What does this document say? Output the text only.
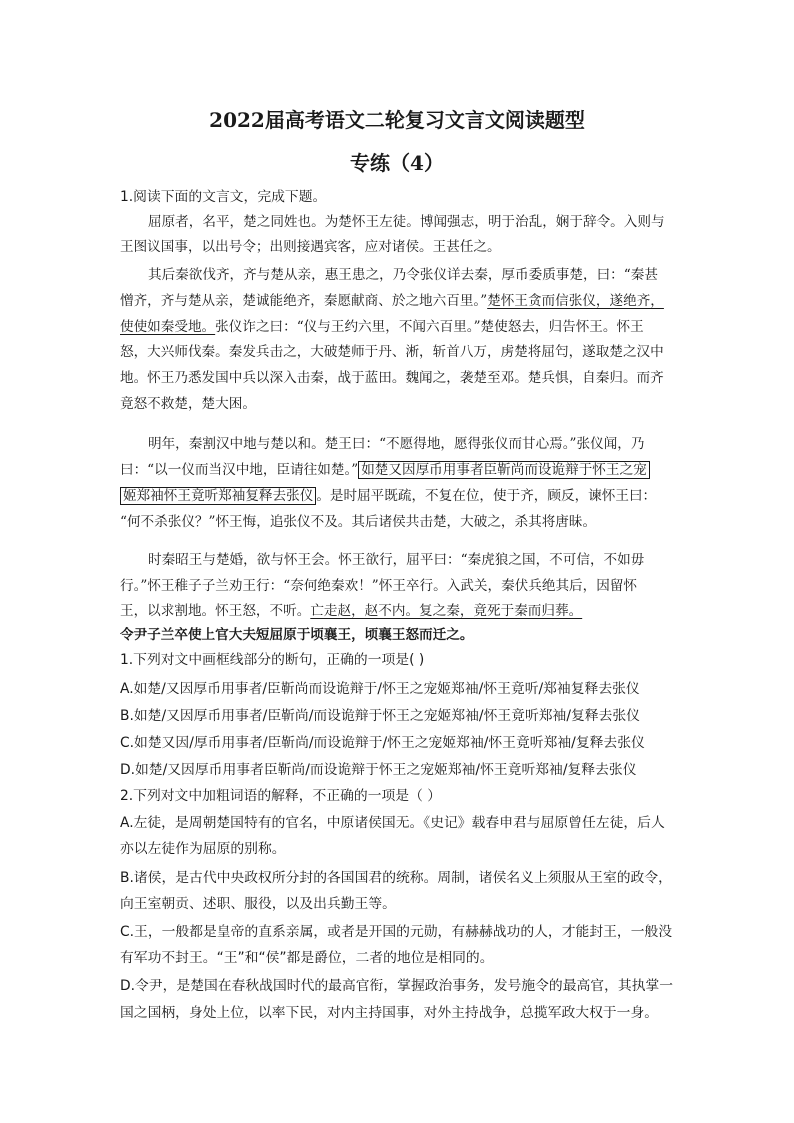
2022届高考语文二轮复习文言文阅读题型
专练（4）
1.阅读下面的文言文，完成下题。
屈原者，名平，楚之同姓也。为楚怀王左徒。博闻强志，明于治乱，娴于辞令。入则与
王图议国事，以出号令；出则接遇宾客，应对诸侯。王甚任之。
其后秦欲伐齐，齐与楚从亲，惠王患之，乃令张仪详去秦，厚币委质事楚，曰：“秦甚
憎齐，齐与楚从亲，楚诚能绝齐，秦愿献商、於之地六百里。”楚怀王贪而信张仪，遂绝齐，
使使如秦受地。张仪诈之曰：“仪与王约六里，不闻六百里。”楚使怒去，归告怀王。怀王
怒，大兴师伐秦。秦发兵击之，大破楚师于丹、淅，斩首八万，虏楚将屈匄，遂取楚之汉中
地。怀王乃悉发国中兵以深入击秦，战于蓝田。魏闻之，袭楚至邓。楚兵惧，自秦归。而齐
竟怒不救楚，楚大困。
明年，秦割汉中地与楚以和。楚王曰：“不愿得地，愿得张仪而甘心焉。”张仪闻，乃
曰：“以一仪而当汉中地，臣请往如楚。” 如楚又因厚币用事者臣靳尚而设诡辩于怀王之宠
姬郑袖怀王竟听郑袖复释去张仪 。是时屈平既疏，不复在位，使于齐，顾反，谏怀王曰：
“何不杀张仪？”怀王悔，追张仪不及。其后诸侯共击楚，大破之，杀其将唐昧。
时秦昭王与楚婚，欲与怀王会。怀王欲行，屈平曰：“秦虎狼之国，不可信，不如毋
行。”怀王稚子子兰劝王行：“奈何绝秦欢！”怀王卒行。入武关，秦伏兵绝其后，因留怀
王，以求割地。怀王怒，不听。亡走赵，赵不内。复之秦，竟死于秦而归葬。
令尹子兰卒使上官大夫短屈原于顷襄王，顷襄王怒而迁之。
1.下列对文中画框线部分的断句，正确的一项是( )
A.如楚/又因厚币用事者/臣靳尚而设诡辩于/怀王之宠姬郑袖/怀王竟听/郑袖复释去张仪
B.如楚/又因厚币用事者/臣靳尚/而设诡辩于怀王之宠姬郑袖/怀王竟听郑袖/复释去张仪
C.如楚又因/厚币用事者/臣靳尚/而设诡辩于/怀王之宠姬郑袖/怀王竟听郑袖/复释去张仪
D.如楚/又因厚币用事者臣靳尚/而设诡辩于怀王之宠姬郑袖/怀王竟听郑袖/复释去张仪
2.下列对文中加粗词语的解释，不正确的一项是（ ）
A.左徒，是周朝楚国特有的官名，中原诸侯国无。《史记》载春申君与屈原曾任左徒，后人
亦以左徒作为屈原的别称。
B.诸侯，是古代中央政权所分封的各国国君的统称。周制，诸侯名义上须服从王室的政令，
向王室朝贡、述职、服役，以及出兵勤王等。
C.王，一般都是皇帝的直系亲属，或者是开国的元勋，有赫赫战功的人，才能封王，一般没
有军功不封王。“王”和“侯”都是爵位，二者的地位是相同的。
D.令尹，是楚国在春秋战国时代的最高官衔，掌握政治事务，发号施令的最高官，其执掌一
国之国柄，身处上位，以率下民，对内主持国事，对外主持战争，总揽军政大权于一身。
